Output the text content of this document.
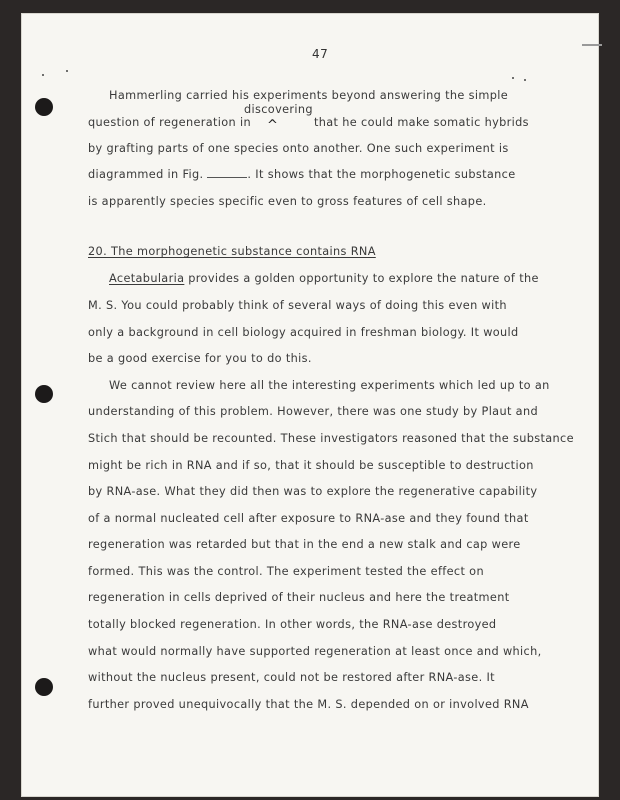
47
Hammerling carried his experiments beyond answering the simple
discovering
question of regeneration in ^	that he could make somatic hybrids
by grafting parts of one species onto another. One such experiment is
diagrammed in Fig.	. It shows that the morphogenetic substance
is apparently species specific even to gross features of cell shape.
20. The morphogenetic substance contains RNA
Acetabularia provides a golden opportunity to explore the nature of the
M. S. You could probably think of several ways of doing this even with
only a background in cell biology acquired in freshman biology. It would
be a good exercise for you to do this.
We cannot review here all the interesting experiments which led up to an
understanding of this problem. However, there was one study by Plaut and
Stich that should be recounted. These investigators reasoned that the substance
might be rich in RNA and if so, that it should be susceptible to destruction
by RNA-ase. What they did then was to explore the regenerative capability
of a normal nucleated cell after exposure to RNA-ase and they found that
regeneration was retarded but that in the end a new stalk and cap were
formed. This was the control. The experiment tested the effect on
regeneration in cells deprived of their nucleus and here the treatment
totally blocked regeneration. In other words, the RNA-ase destroyed
what would normally have supported regeneration at least once and which,
without the nucleus present, could not be restored after RNA-ase. It
further proved unequivocally that the M. S. depended on or involved RNA
